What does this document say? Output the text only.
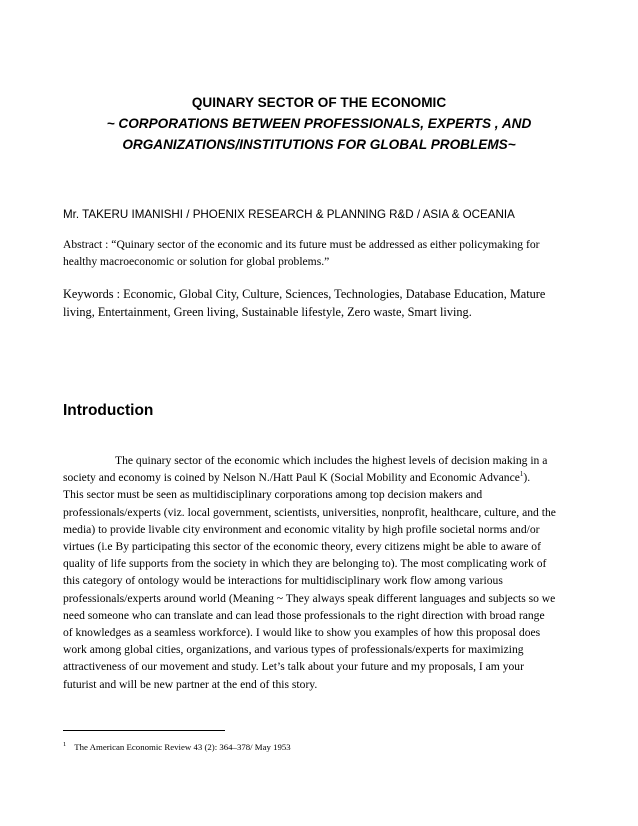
QUINARY SECTOR OF THE ECONOMIC
~ CORPORATIONS BETWEEN PROFESSIONALS, EXPERTS , AND
ORGANIZATIONS/INSTITUTIONS FOR GLOBAL PROBLEMS~
Mr. TAKERU IMANISHI / PHOENIX RESEARCH & PLANNING R&D / ASIA & OCEANIA
Abstract : “Quinary sector of the economic and its future must be addressed as either policymaking for
healthy macroeconomic or solution for global problems.”
Keywords : Economic, Global City, Culture, Sciences, Technologies, Database Education, Mature
living, Entertainment, Green living, Sustainable lifestyle, Zero waste, Smart living.
Introduction
The quinary sector of the economic which includes the highest levels of decision making in a
society and economy is coined by Nelson N./Hatt Paul K (Social Mobility and Economic Advance$^1$).
This sector must be seen as multidisciplinary corporations among top decision makers and
professionals/experts (viz. local government, scientists, universities, nonprofit, healthcare, culture, and the
media) to provide livable city environment and economic vitality by high profile societal norms and/or
virtues (i.e By participating this sector of the economic theory, every citizens might be able to aware of
quality of life supports from the society in which they are belonging to). The most complicating work of
this category of ontology would be interactions for multidisciplinary work flow among various
professionals/experts around world (Meaning ~ They always speak different languages and subjects so we
need someone who can translate and can lead those professionals to the right direction with broad range
of knowledges as a seamless workforce). I would like to show you examples of how this proposal does
work among global cities, organizations, and various types of professionals/experts for maximizing
attractiveness of our movement and study. Let’s talk about your future and my proposals, I am your
futurist and will be new partner at the end of this story.
$^1$ The American Economic Review 43 (2): 364–378/ May 1953
